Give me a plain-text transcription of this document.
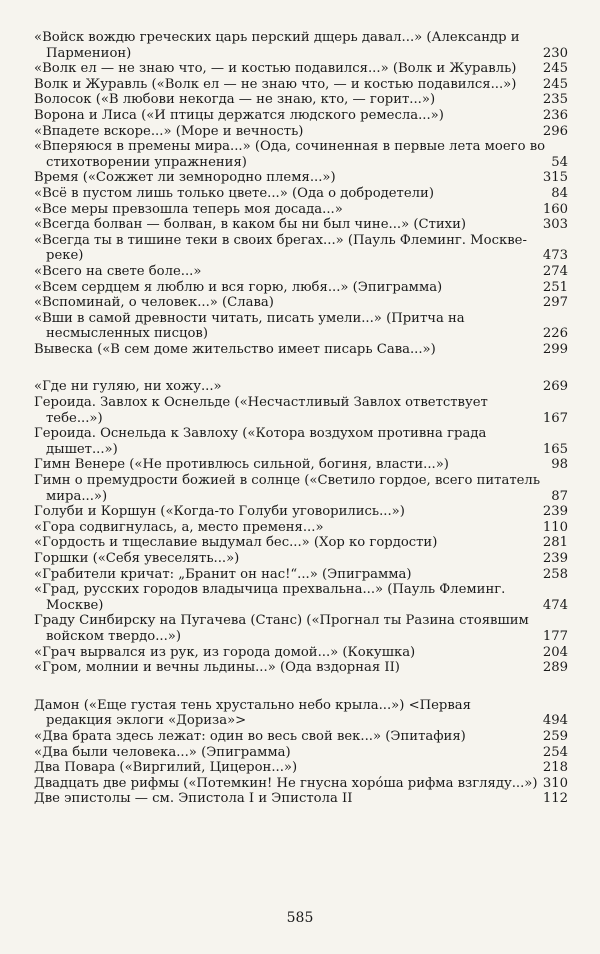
«Войск вождю греческих царь перский дщерь давал...» (Александр и Парменион)	230
«Волк ел — не знаю что, — и костью подавился...» (Волк и Журавль)	245
Волк и Журавль («Волк ел — не знаю что, — и костью подавился...»)	245
Волосок («В любови некогда — не знаю, кто, — горит...»)	235
Ворона и Лиса («И птицы держатся людского ремесла...»)	236
«Впадете вскоре...» (Море и вечность)	296
«Вперяюся в премены мира...» (Ода, сочиненная в первые лета моего во стихотворении упражнения)	54
Время («Сожжет ли земнородно племя...»)	315
«Всё в пустом лишь только цвете...» (Ода о добродетели)	84
«Все меры превзошла теперь моя досада...»	160
«Всегда болван — болван, в каком бы ни был чине...» (Стихи)	303
«Всегда ты в тишине теки в своих брегах...» (Пауль Флеминг. Москве-реке)	473
«Всего на свете боле...»	274
«Всем сердцем я люблю и вся горю, любя...» (Эпиграмма)	251
«Вспоминай, о человек...» (Слава)	297
«Вши в самой древности читать, писать умели...» (Притча на несмысленных писцов)	226
Вывеска («В сем доме жительство имеет писарь Сава...»)	299
«Где ни гуляю, ни хожу...»	269
Героида. Завлох к Оснельде («Несчастливый Завлох ответствует тебе...»)	167
Героида. Оснельда к Завлоху («Котора воздухом противна града дышет...»)	165
Гимн Венере («Не противлюсь сильной, богиня, власти...»)	98
Гимн о премудрости божией в солнце («Светило гордое, всего питатель мира...»)	87
Голуби и Коршун («Когда-то Голуби уговорились...»)	239
«Гора содвигнулась, а, место пременя...»	110
«Гордость и тщеславие выдумал бес...» (Хор ко гордости)	281
Горшки («Себя увеселять...»)	239
«Грабители кричат: „Бранит он нас!“...» (Эпиграмма)	258
«Град, русских городов владычица прехвальна...» (Пауль Флеминг. Москве)	474
Граду Синбирску на Пугачева (Станс) («Прогнал ты Разина стоявшим войском твердо...»)	177
«Грач вырвался из рук, из города домой...» (Кокушка)	204
«Гром, молнии и вечны льдины...» (Ода вздорная II)	289
Дамон («Еще густая тень хрустально небо крыла...») <Первая редакция эклоги «Дориза»>	494
«Два брата здесь лежат: один во весь свой век...» (Эпитафия)	259
«Два были человека...» (Эпиграмма)	254
Два Повара («Виргилий, Цицерон...»)	218
Двадцать две рифмы («Потемкин! Не гнусна хорóша рифма взгляду...») 310
Две эпистолы — см. Эпистола I и Эпистола II	112
585
